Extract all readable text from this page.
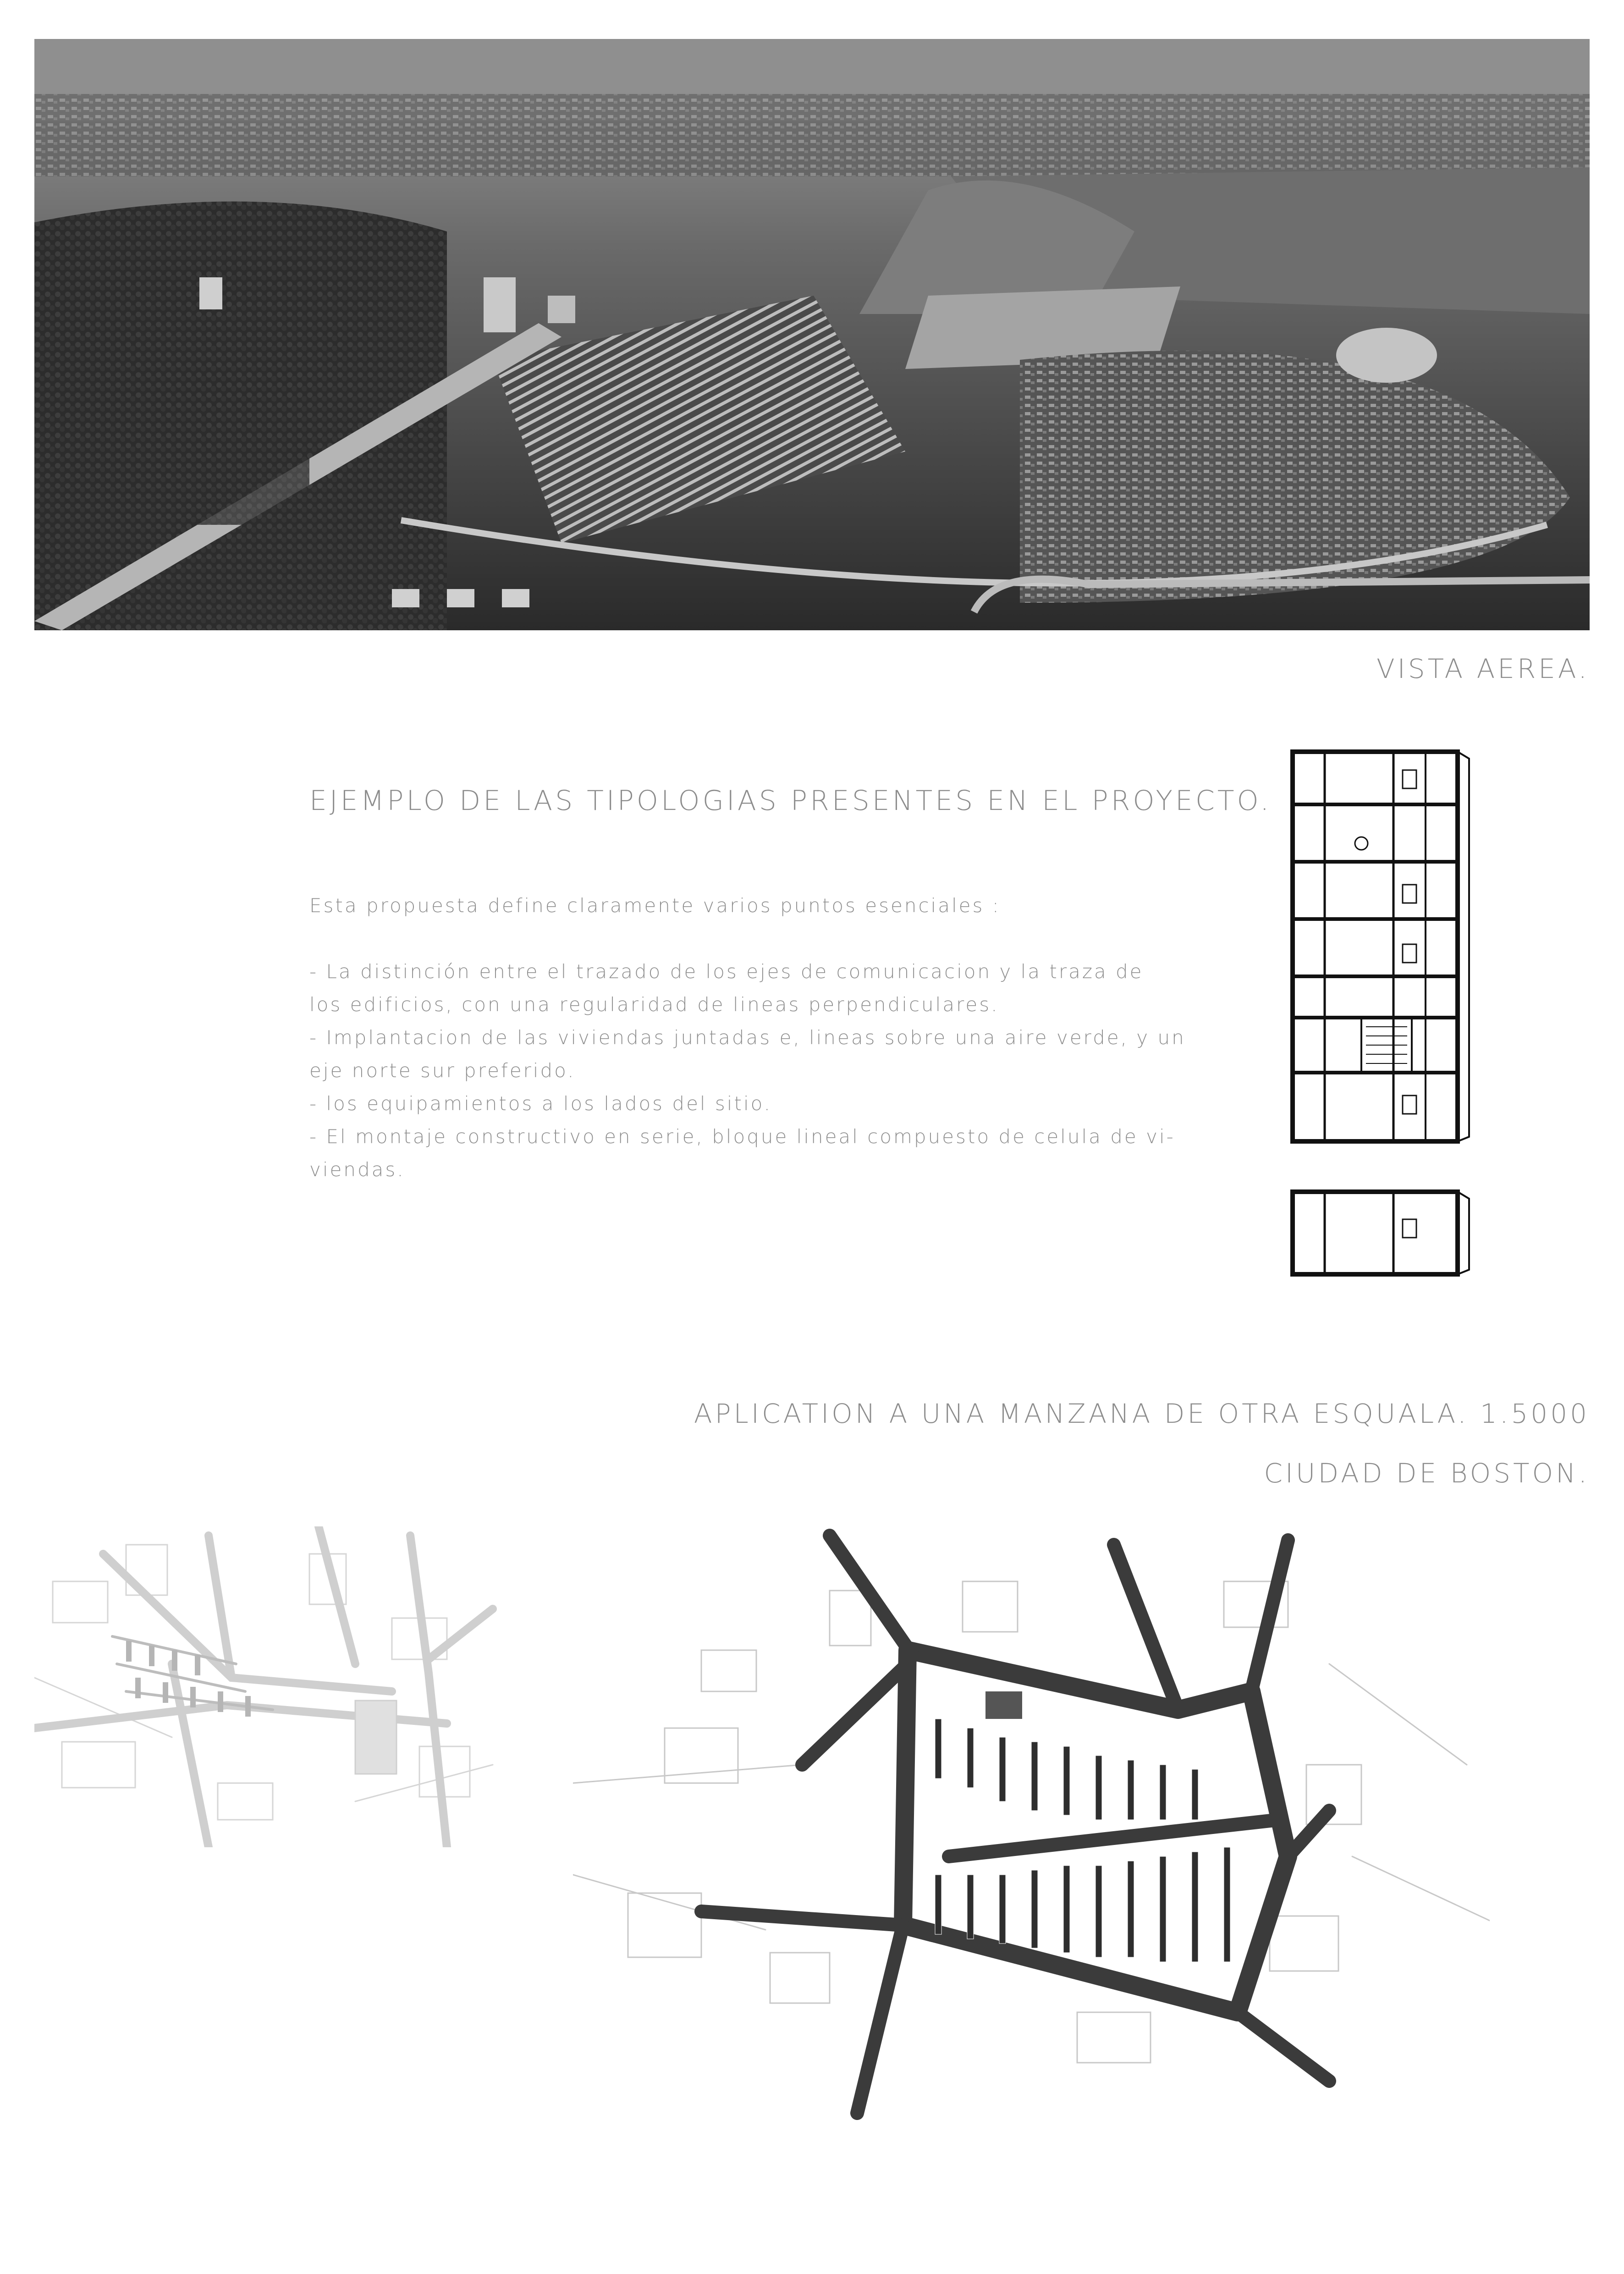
VISTA AEREA.
EJEMPLO DE LAS TIPOLOGIAS PRESENTES EN EL PROYECTO.

Esta propuesta define claramente varios puntos esenciales :

- La distinción entre el trazado de los ejes de comunicacion y la traza de

los edificios, con una regularidad de lineas perpendiculares.

- Implantacion de las viviendas juntadas e, lineas sobre una aire verde, y un

eje norte sur preferido.

- los equipamientos a los lados del sitio.

- El montaje constructivo en serie, bloque lineal compuesto de celula de vi-

viendas.

APLICATION A UNA MANZANA DE OTRA ESQUALA. 1.5000
CIUDAD DE BOSTON.
